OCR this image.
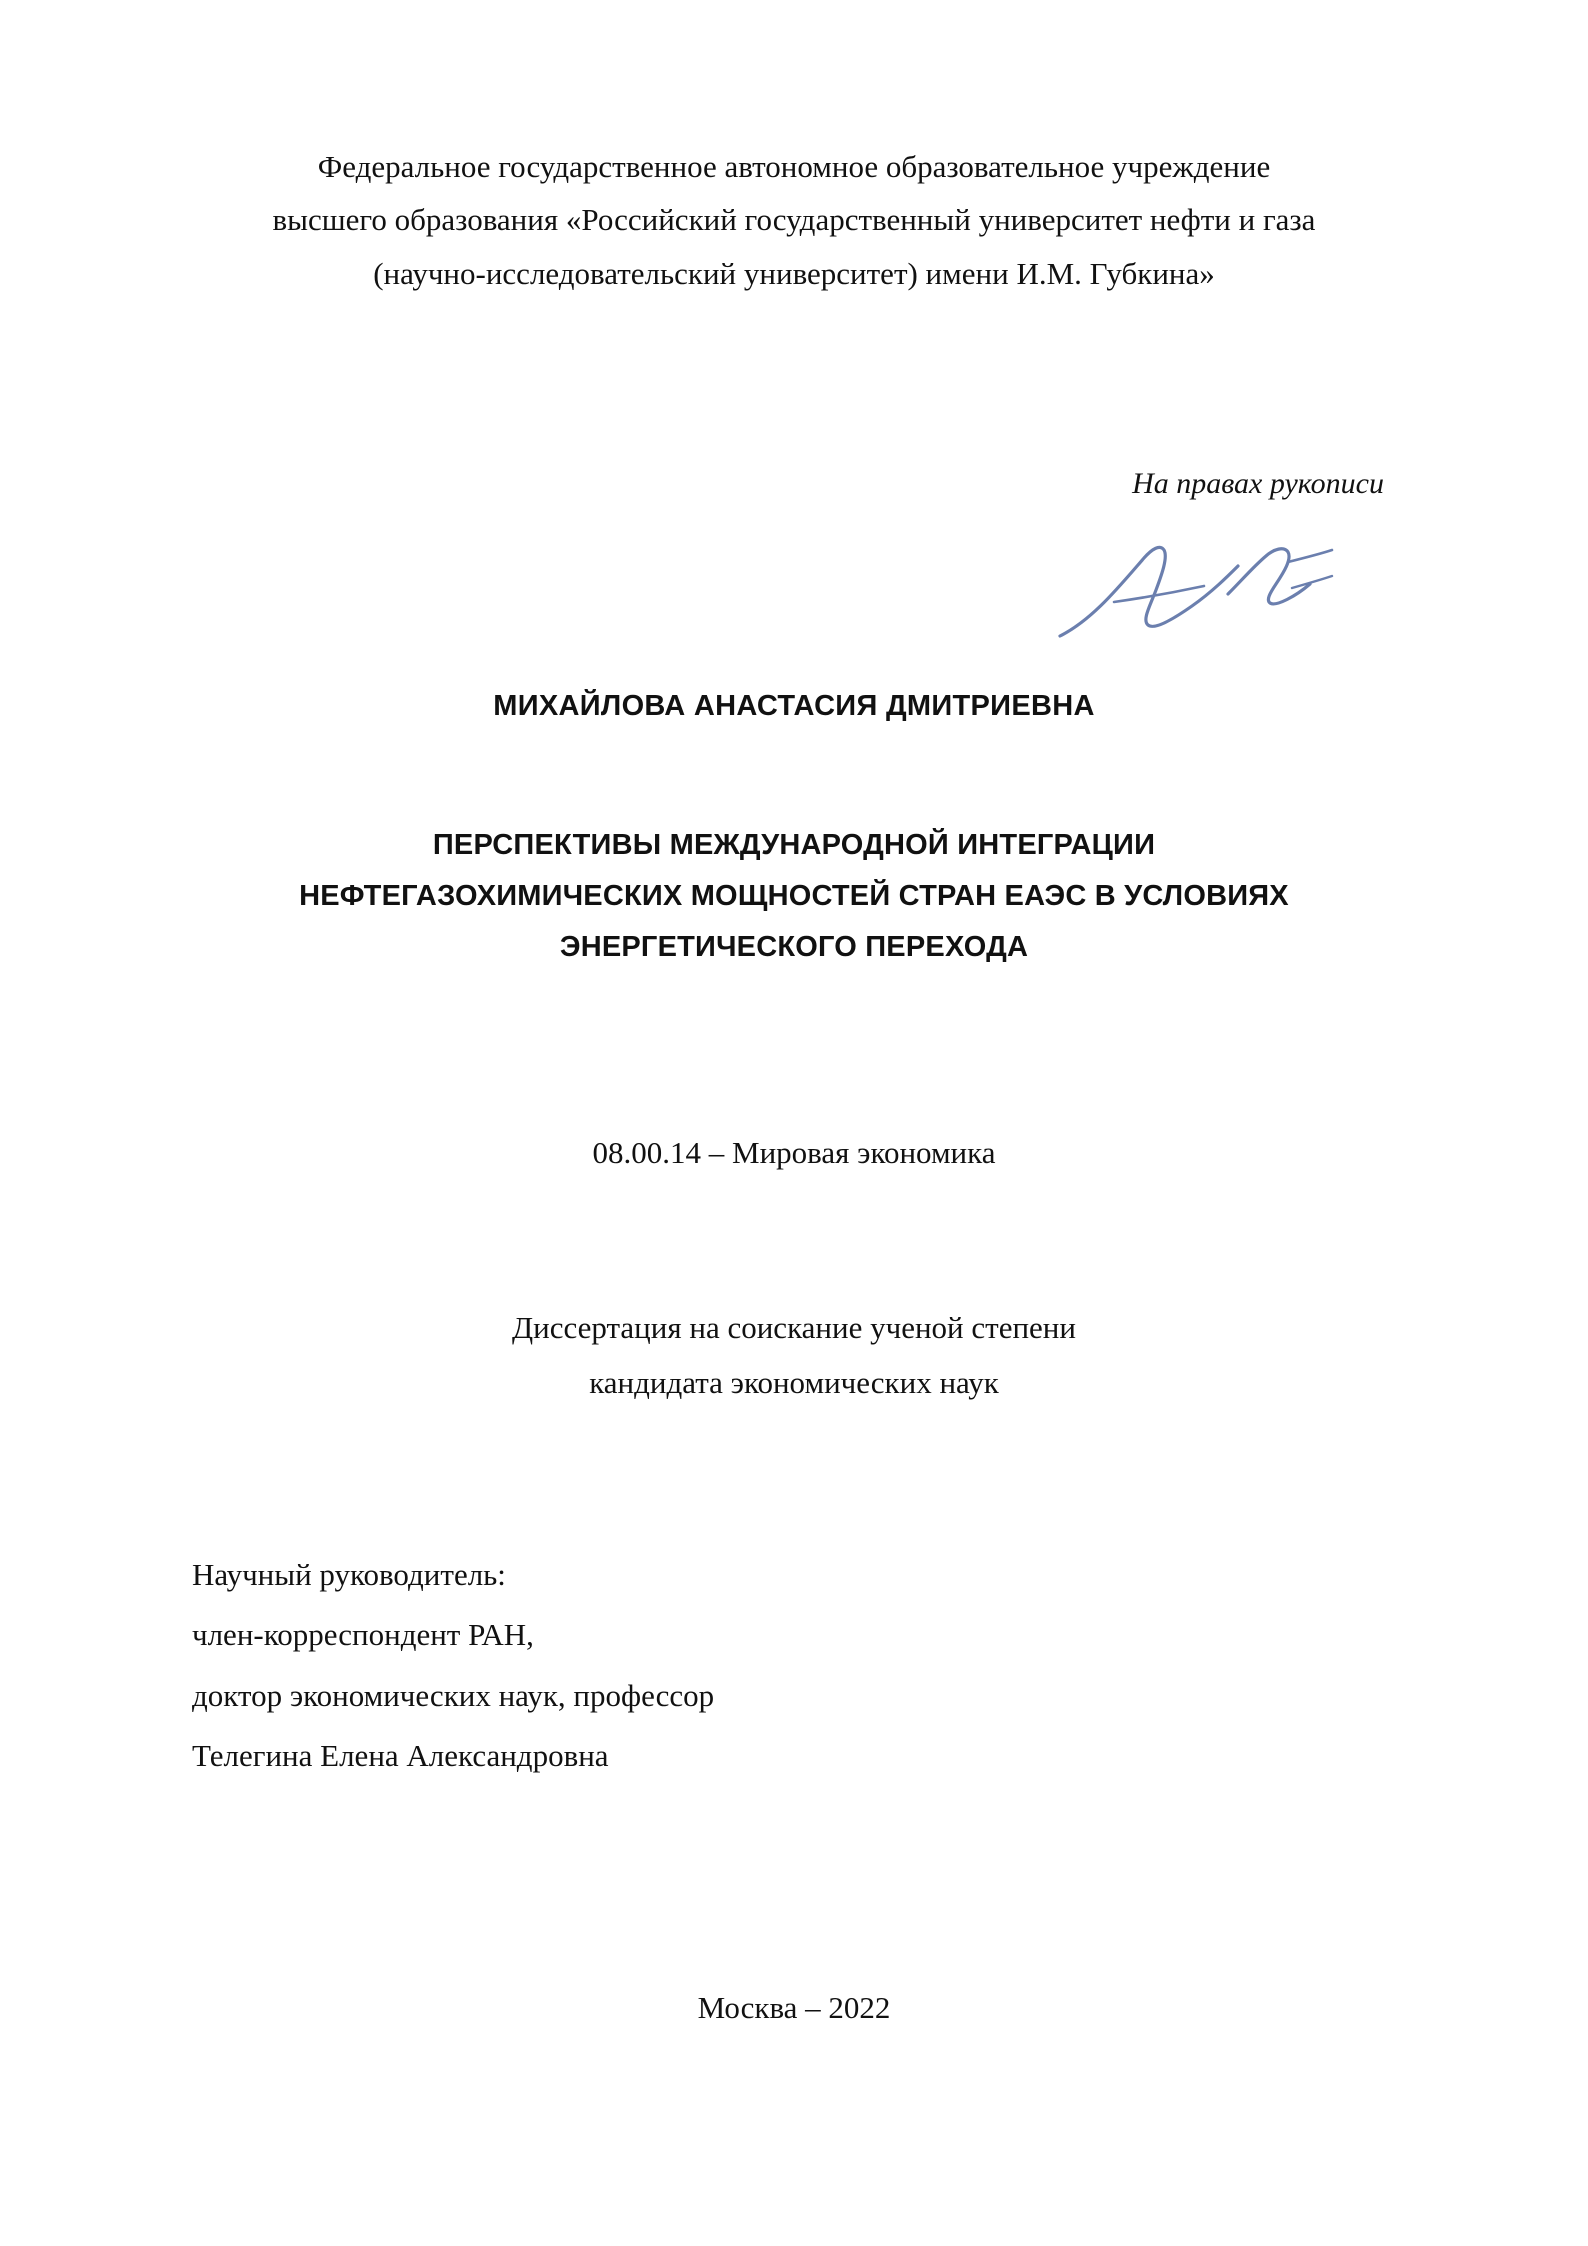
Федеральное государственное автономное образовательное учреждение
высшего образования «Российский государственный университет нефти и газа
(научно-исследовательский университет) имени И.М. Губкина»
На правах рукописи
МИХАЙЛОВА АНАСТАСИЯ ДМИТРИЕВНА
ПЕРСПЕКТИВЫ МЕЖДУНАРОДНОЙ ИНТЕГРАЦИИ
НЕФТЕГАЗОХИМИЧЕСКИХ МОЩНОСТЕЙ СТРАН ЕАЭС В УСЛОВИЯХ
ЭНЕРГЕТИЧЕСКОГО ПЕРЕХОДА
08.00.14 – Мировая экономика
Диссертация на соискание ученой степени
кандидата экономических наук
Научный руководитель:
член-корреспондент РАН,
доктор экономических наук, профессор
Телегина Елена Александровна
Москва – 2022
